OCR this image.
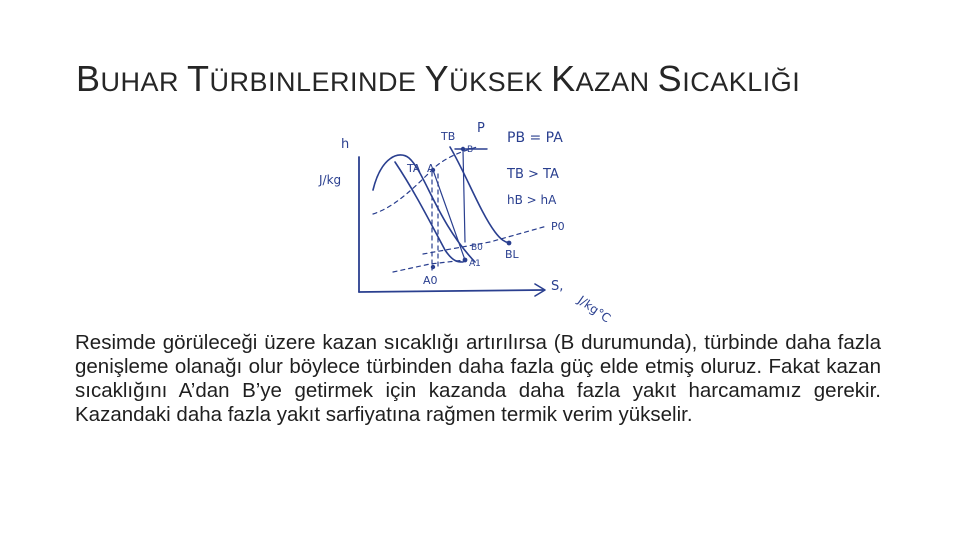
BUHAR TÜRBINLERINDE YÜKSEK KAZAN SICAKLIĞI
h
J/kg
TB
P
B
TA A
B0
A1
BL
A0
P0
PB = PA
TB > TA
hB > hA
S,
J/kg°C
Resimde görüleceği üzere kazan sıcaklığı artırılırsa (B durumunda), türbinde daha fazla genişleme olanağı olur böylece türbinden daha fazla güç elde etmiş oluruz. Fakat kazan sıcaklığını A’dan B’ye getirmek için kazanda daha fazla yakıt harcamamız gerekir. Kazandaki daha fazla yakıt sarfiyatına rağmen termik verim yükselir.
